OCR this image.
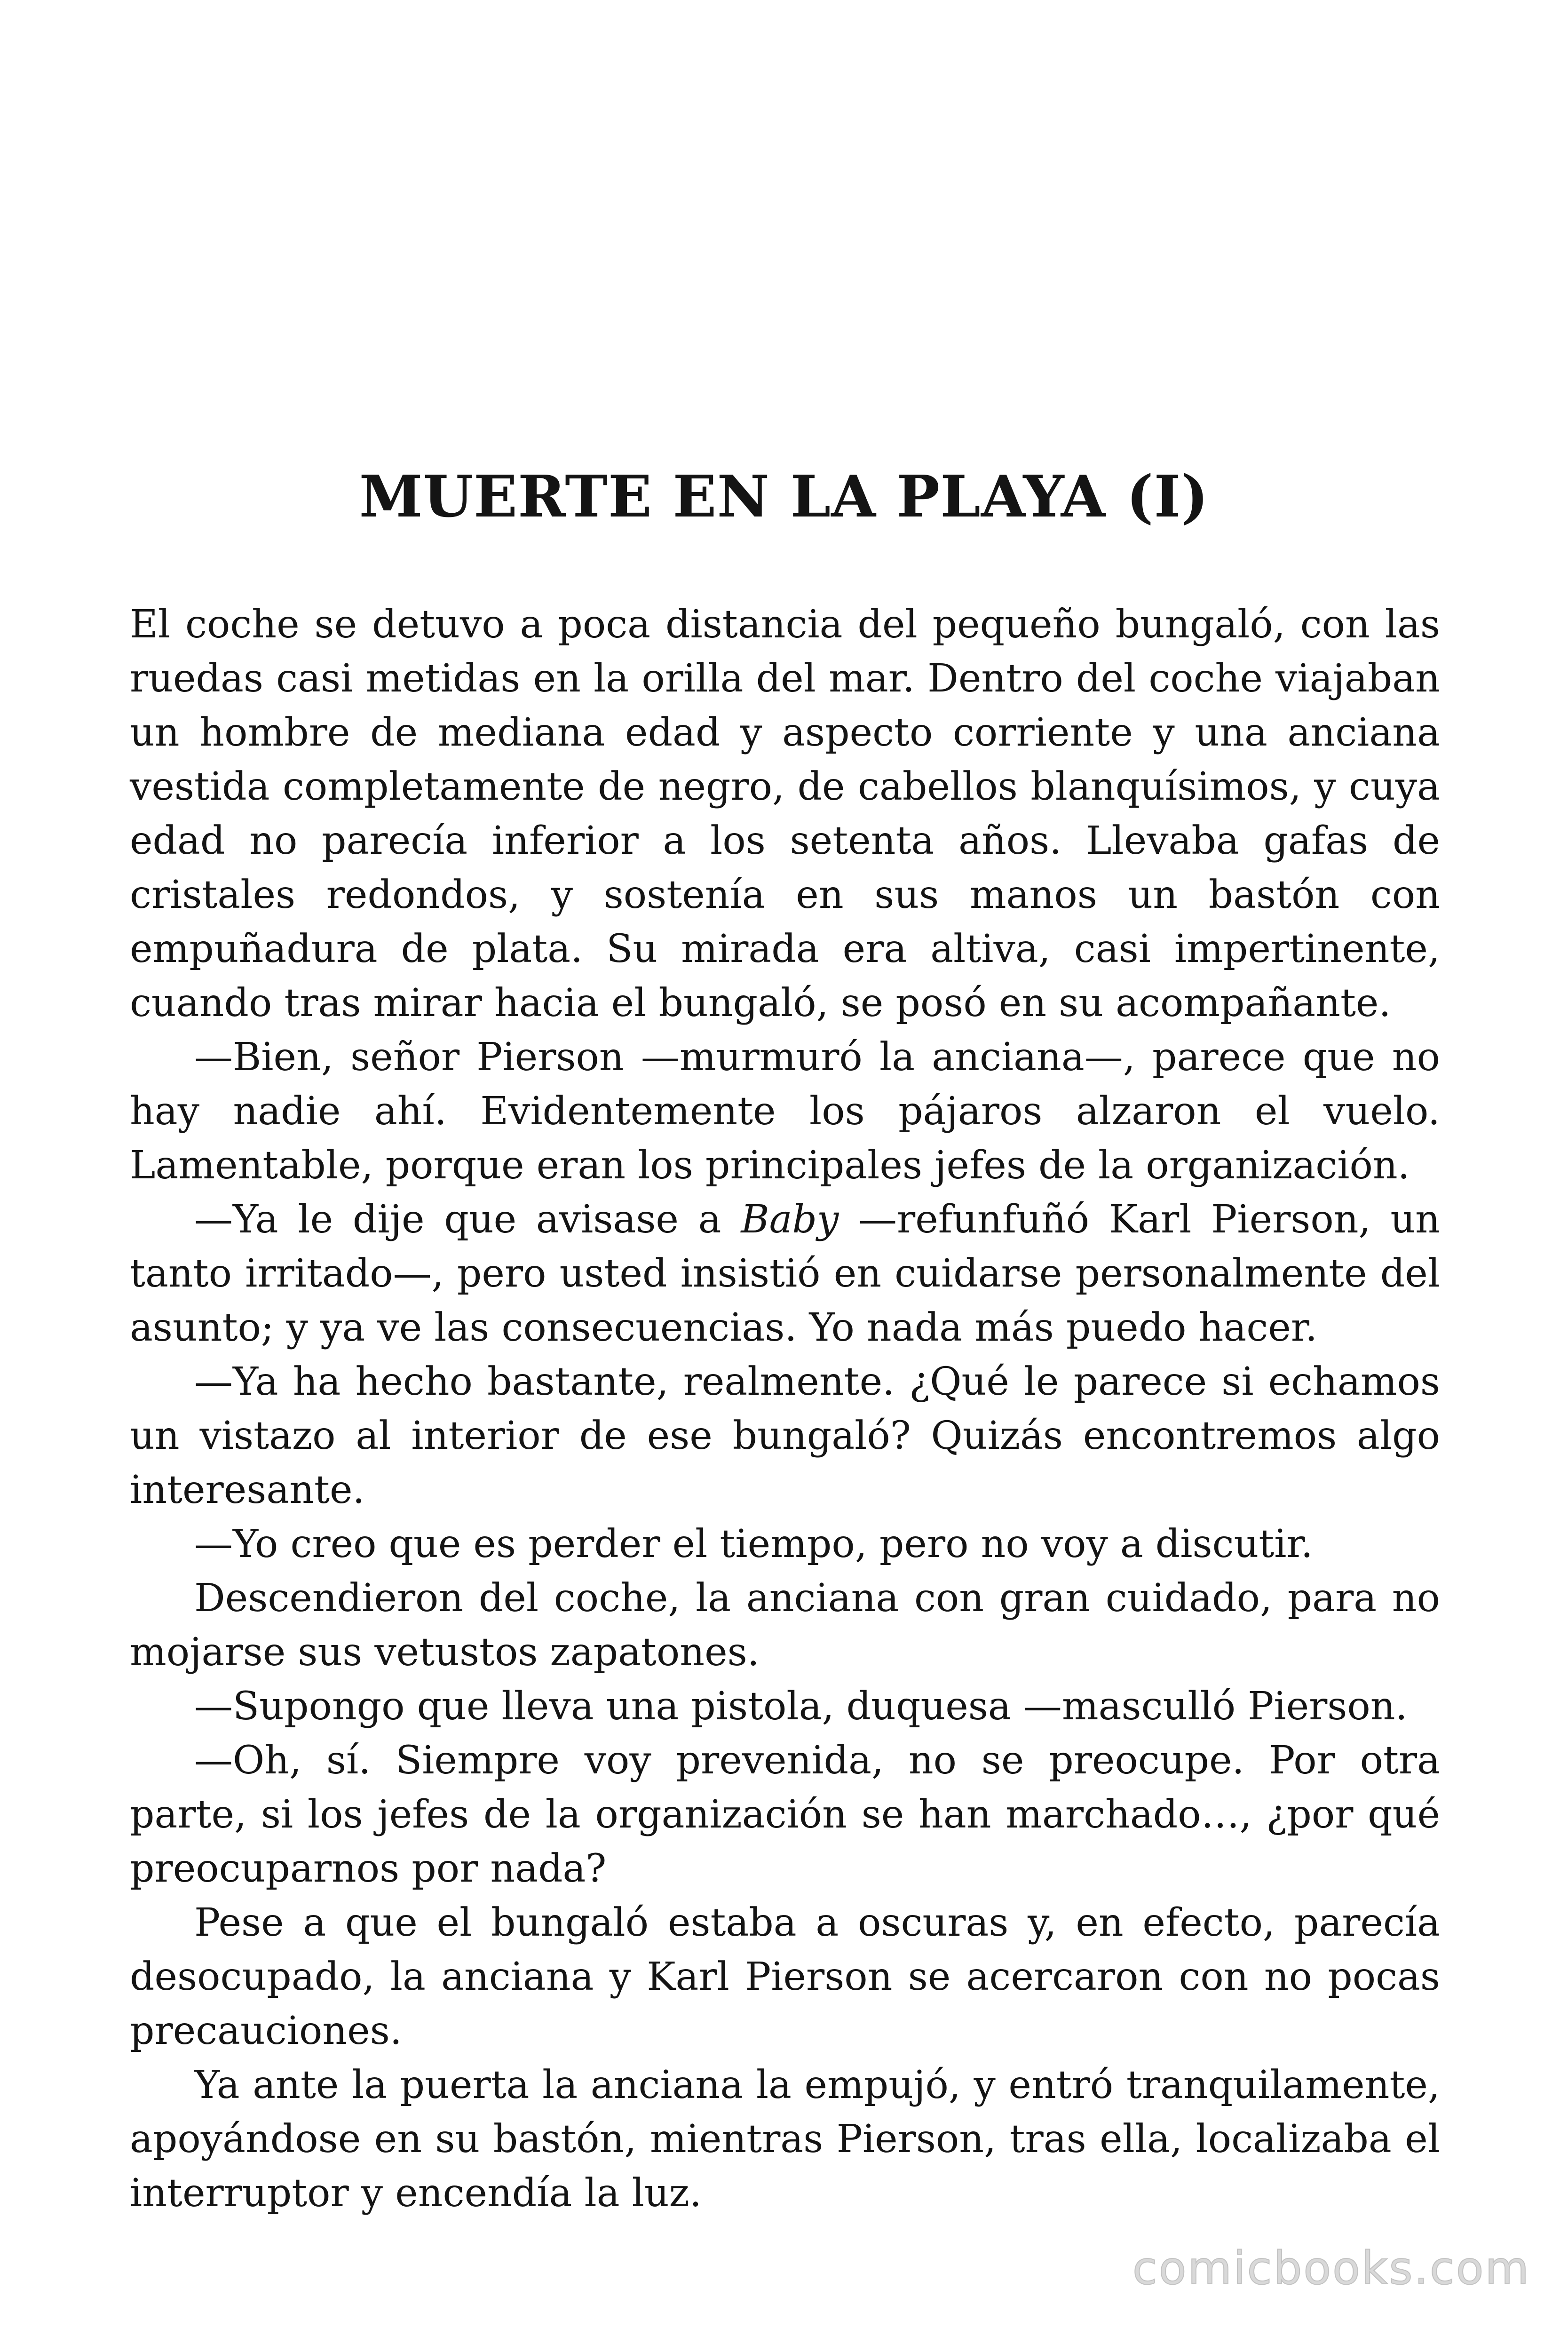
MUERTE EN LA PLAYA (I)

El coche se detuvo a poca distancia del pequeño bungaló, con las ruedas casi metidas en la orilla del mar. Dentro del coche viajaban un hombre de mediana edad y aspecto corriente y una anciana vestida completamente de negro, de cabellos blanquísimos, y cuya edad no parecía inferior a los setenta años. Llevaba gafas de cristales redondos, y sostenía en sus manos un bastón con empuñadura de plata. Su mirada era altiva, casi impertinente, cuando tras mirar hacia el bungaló, se posó en su acompañante.

—Bien, señor Pierson —murmuró la anciana—, parece que no hay nadie ahí. Evidentemente los pájaros alzaron el vuelo. Lamentable, porque eran los principales jefes de la organización.

—Ya le dije que avisase a Baby —refunfuñó Karl Pierson, un tanto irritado—, pero usted insistió en cuidarse personalmente del asunto; y ya ve las consecuencias. Yo nada más puedo hacer.

—Ya ha hecho bastante, realmente. ¿Qué le parece si echamos un vistazo al interior de ese bungaló? Quizás encontremos algo interesante.

—Yo creo que es perder el tiempo, pero no voy a discutir.

Descendieron del coche, la anciana con gran cuidado, para no mojarse sus vetustos zapatones.

—Supongo que lleva una pistola, duquesa —mascullό Pierson.

—Oh, sí. Siempre voy prevenida, no se preocupe. Por otra parte, si los jefes de la organización se han marchado…, ¿por qué preocuparnos por nada?

Pese a que el bungaló estaba a oscuras y, en efecto, parecía desocupado, la anciana y Karl Pierson se acercaron con no pocas precauciones.

Ya ante la puerta la anciana la empujó, y entró tranquilamente, apoyándose en su bastón, mientras Pierson, tras ella, localizaba el interruptor y encendía la luz.

comicbooks.com
